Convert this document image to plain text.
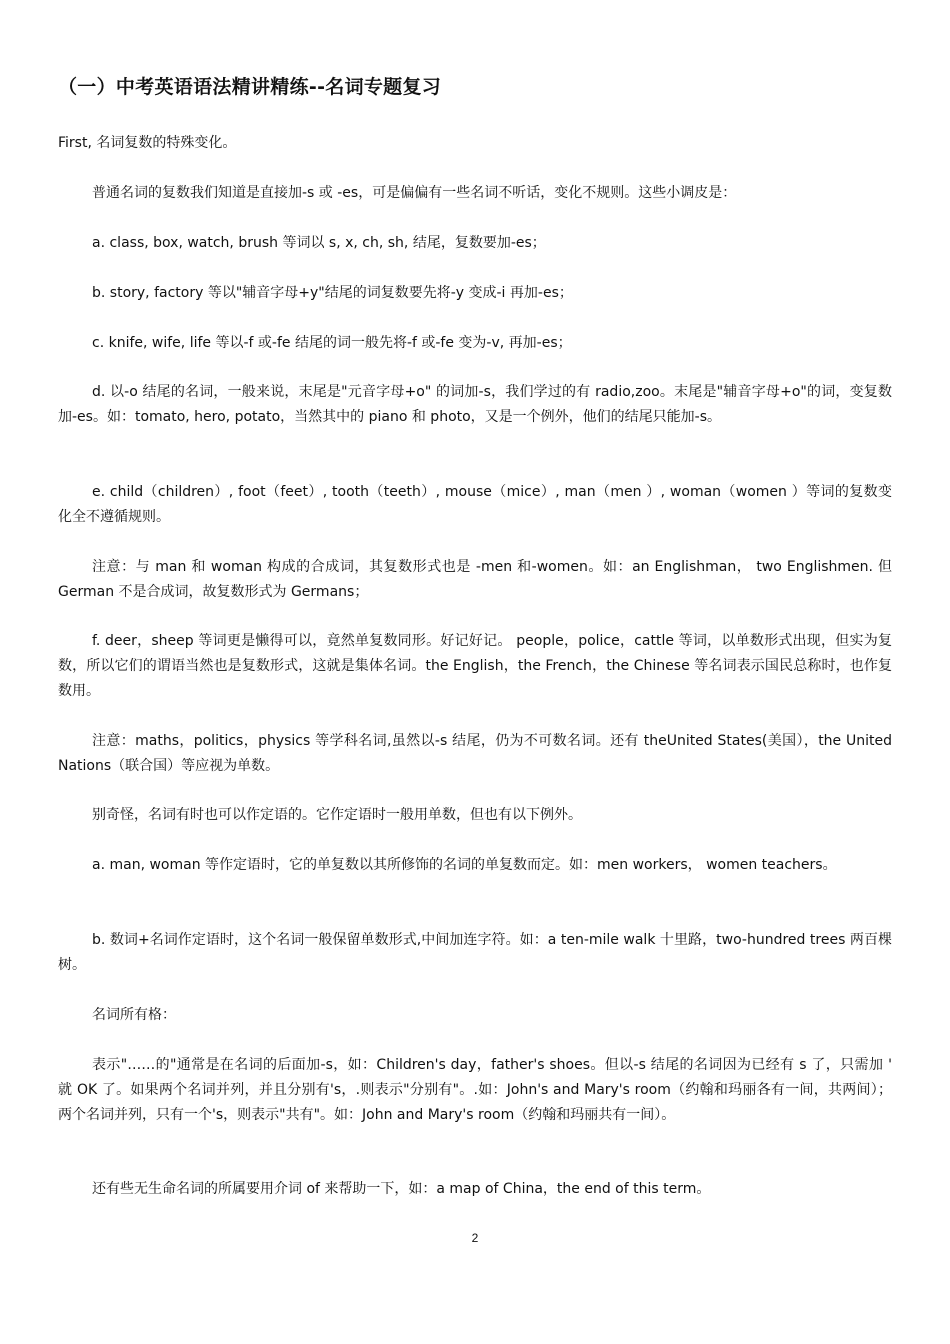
（一）中考英语语法精讲精练--名词专题复习
First, 名词复数的特殊变化。
普通名词的复数我们知道是直接加-s 或 -es，可是偏偏有一些名词不听话，变化不规则。这些小调皮是：
a. class, box, watch, brush 等词以 s, x, ch, sh, 结尾，复数要加-es；
b. story, factory 等以"辅音字母+y"结尾的词复数要先将-y 变成-i 再加-es；
c. knife, wife, life 等以-f 或-fe 结尾的词一般先将-f 或-fe 变为-v, 再加-es；
d. 以-o 结尾的名词，一般来说，末尾是"元音字母+o" 的词加-s，我们学过的有 radio,zoo。末尾是"辅音字母+o"的词，变复数加-es。如：tomato, hero, potato，当然其中的 piano 和 photo，又是一个例外，他们的结尾只能加-s。
e. child（children）, foot（feet）, tooth（teeth）, mouse（mice）, man（men ）, woman（women ）等词的复数变化全不遵循规则。
注意：与 man 和 woman 构成的合成词，其复数形式也是 -men 和-women。如：an Englishman， two Englishmen. 但 German 不是合成词，故复数形式为 Germans；
f. deer，sheep 等词更是懒得可以，竟然单复数同形。好记好记。 people，police，cattle 等词，以单数形式出现，但实为复数，所以它们的谓语当然也是复数形式，这就是集体名词。the English，the French，the Chinese 等名词表示国民总称时，也作复数用。
注意：maths，politics，physics 等学科名词,虽然以-s 结尾，仍为不可数名词。还有 theUnited States(美国），the United Nations（联合国）等应视为单数。
别奇怪，名词有时也可以作定语的。它作定语时一般用单数，但也有以下例外。
a. man, woman 等作定语时，它的单复数以其所修饰的名词的单复数而定。如：men workers， women teachers。
b. 数词+名词作定语时，这个名词一般保留单数形式,中间加连字符。如：a ten-mile walk 十里路，two-hundred trees 两百棵树。
名词所有格：
表示"……的"通常是在名词的后面加-s，如：Children's day，father's shoes。但以-s 结尾的名词因为已经有 s 了，只需加 ' 就 OK 了。如果两个名词并列，并且分别有's，.则表示"分别有"。.如：John's and Mary's room（约翰和玛丽各有一间，共两间）；两个名词并列，只有一个's，则表示"共有"。如：John and Mary's room（约翰和玛丽共有一间）。
还有些无生命名词的所属要用介词 of 来帮助一下，如：a map of China，the end of this term。
2
